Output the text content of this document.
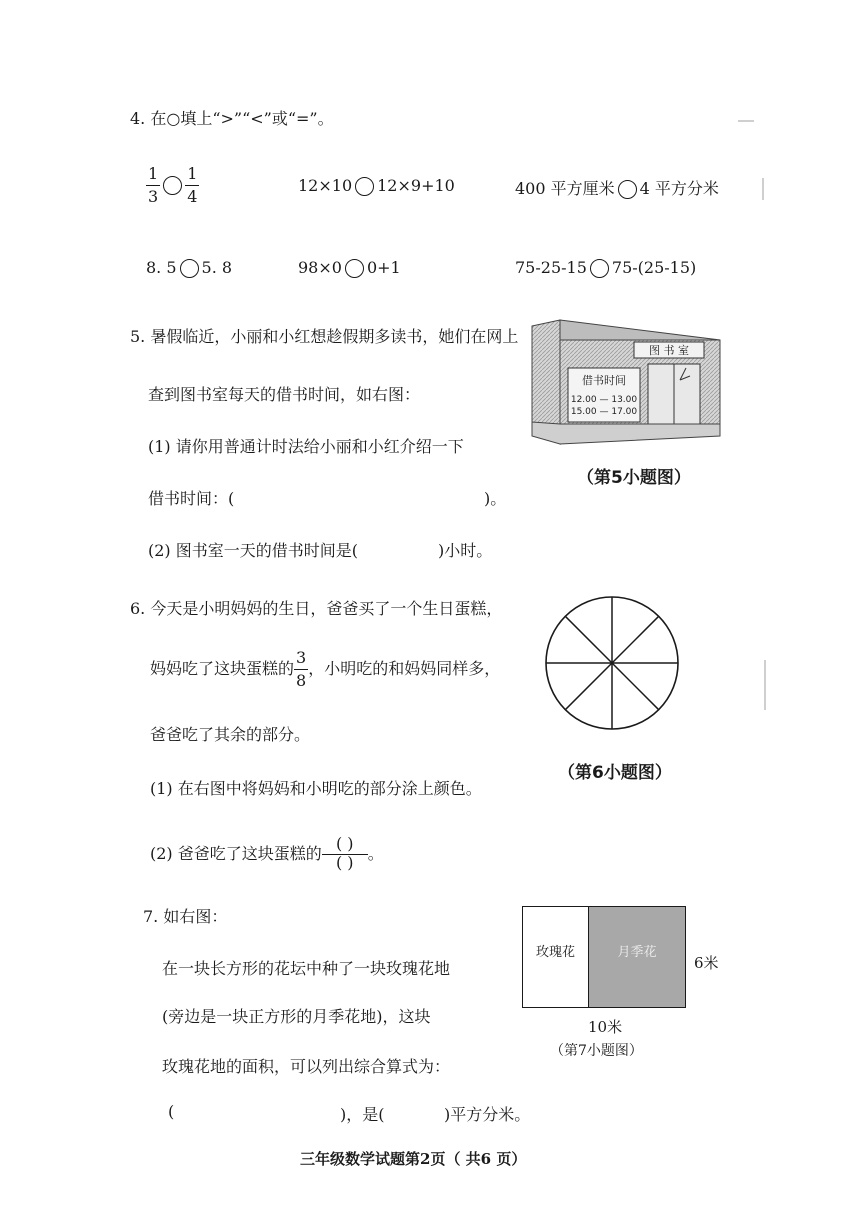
4. 在○填上“>”“<”或“=”。
$\frac{1}{3} \frac{1}{4}$	12×10 12×9+10	400 平方厘米 4 平方分米
8. 5 5. 8	98×0 0+1	75-25-15 75-(25-15)
5. 暑假临近，小丽和小红想趁假期多读书，她们在网上
查到图书室每天的借书时间，如右图：
(1) 请你用普通计时法给小丽和小红介绍一下
借书时间：(	)。
(2) 图书室一天的借书时间是(	)小时。
图 书 室
借书时间
12.00 — 13.00
15.00 — 17.00
（第5小题图）
6. 今天是小明妈妈的生日，爸爸买了一个生日蛋糕，
妈妈吃了这块蛋糕的 $\frac{3}{8}$ ，小明吃的和妈妈同样多，
爸爸吃了其余的部分。
(1) 在右图中将妈妈和小明吃的部分涂上颜色。
(2) 爸爸吃了这块蛋糕的 $\frac{( )}{( )}$ 。
（第6小题图）
7. 如右图：
在一块长方形的花坛中种了一块玫瑰花地
(旁边是一块正方形的月季花地)，这块
玫瑰花地的面积，可以列出综合算式为：
(	)，是(	)平方分米。
玫瑰花	月季花
6米
10米
（第7小题图）
三年级数学试题第2页（ 共6 页）
